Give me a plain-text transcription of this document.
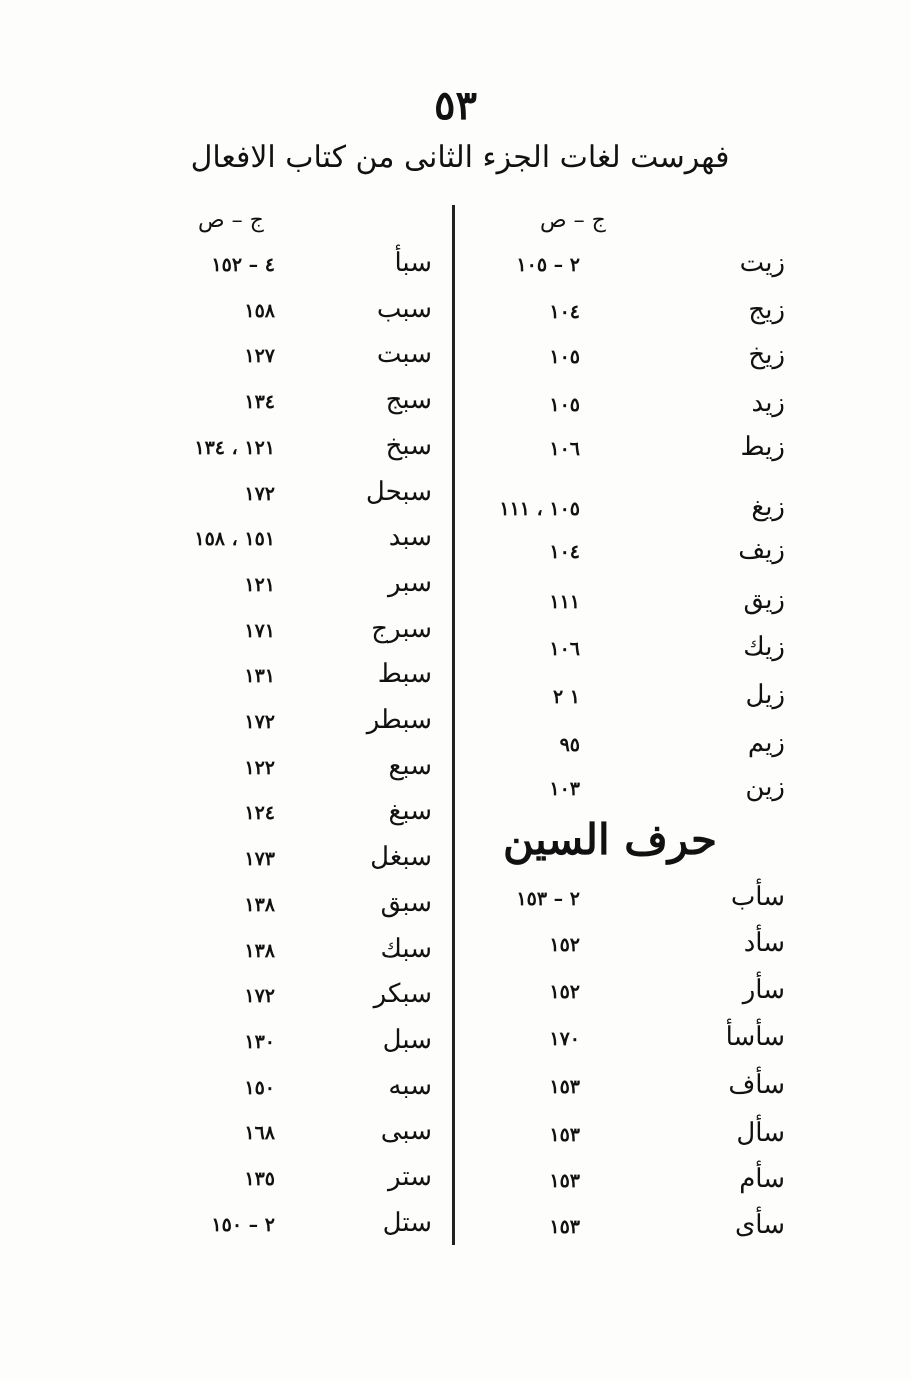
٥٣
فهرست لغات الجزء الثانى من كتاب الافعال
ج – ص
ج – ص
زيت
٢ – ١٠٥
زيج
١٠٤
زيخ
١٠٥
زيد
١٠٥
زيط
١٠٦
زيغ
١٠٥ ، ١١١
زيف
١٠٤
زيق
١١١
زيك
١٠٦
زيل
١ ٢
زيم
٩٥
زين
١٠٣
سأب
٢ – ١٥٣
سأد
١٥٢
سأر
١٥٢
سأسأ
١٧٠
سأف
١٥٣
سأل
١٥٣
سأم
١٥٣
سأى
١٥٣
حرف السين
سبأ
٤ – ١٥٢
سبب
١٥٨
سبت
١٢٧
سبج
١٣٤
سبخ
١٢١ ، ١٣٤
سبحل
١٧٢
سبد
١٥١ ، ١٥٨
سبر
١٢١
سبرج
١٧١
سبط
١٣١
سبطر
١٧٢
سبع
١٢٢
سبغ
١٢٤
سبغل
١٧٣
سبق
١٣٨
سبك
١٣٨
سبكر
١٧٢
سبل
١٣٠
سبه
١٥٠
سبى
١٦٨
ستر
١٣٥
ستل
٢ – ١٥٠
